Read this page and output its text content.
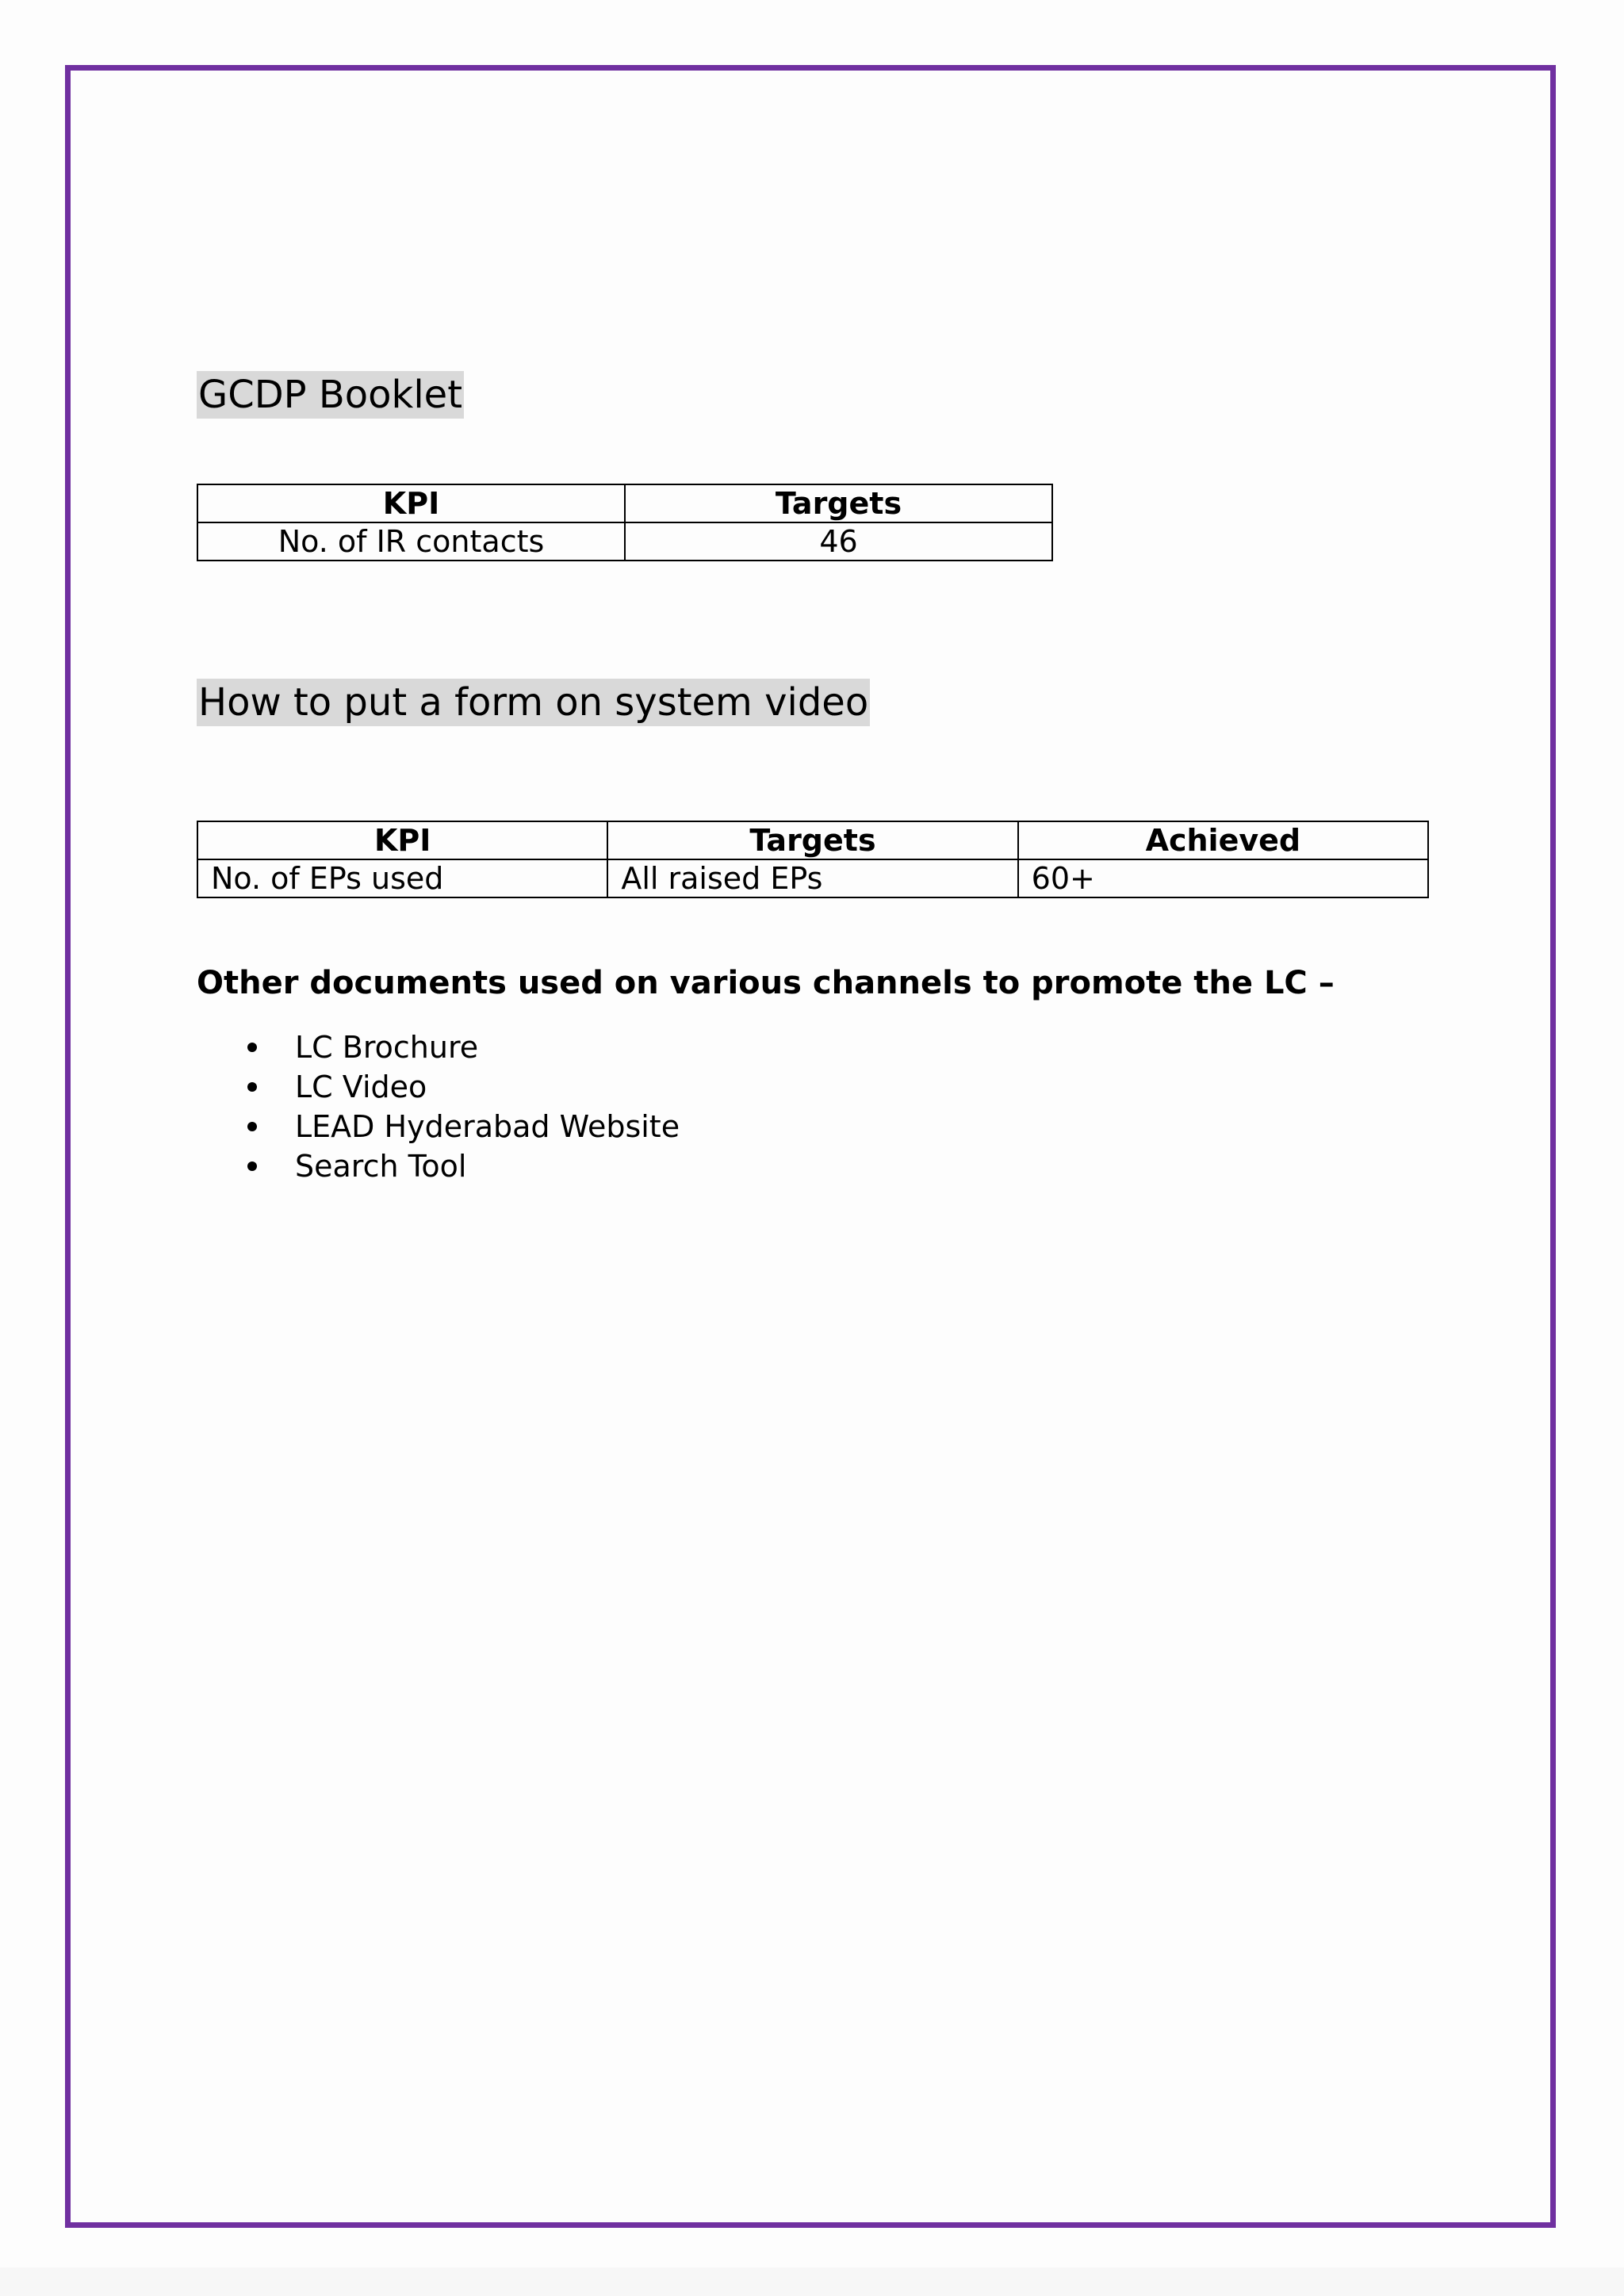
GCDP Booklet
KPI	Targets
No. of IR contacts	46
How to put a form on system video
KPI	Targets	Achieved
No. of EPs used	All raised EPs	60+
Other documents used on various channels to promote the LC –
LC Brochure
LC Video
LEAD Hyderabad Website
Search Tool
